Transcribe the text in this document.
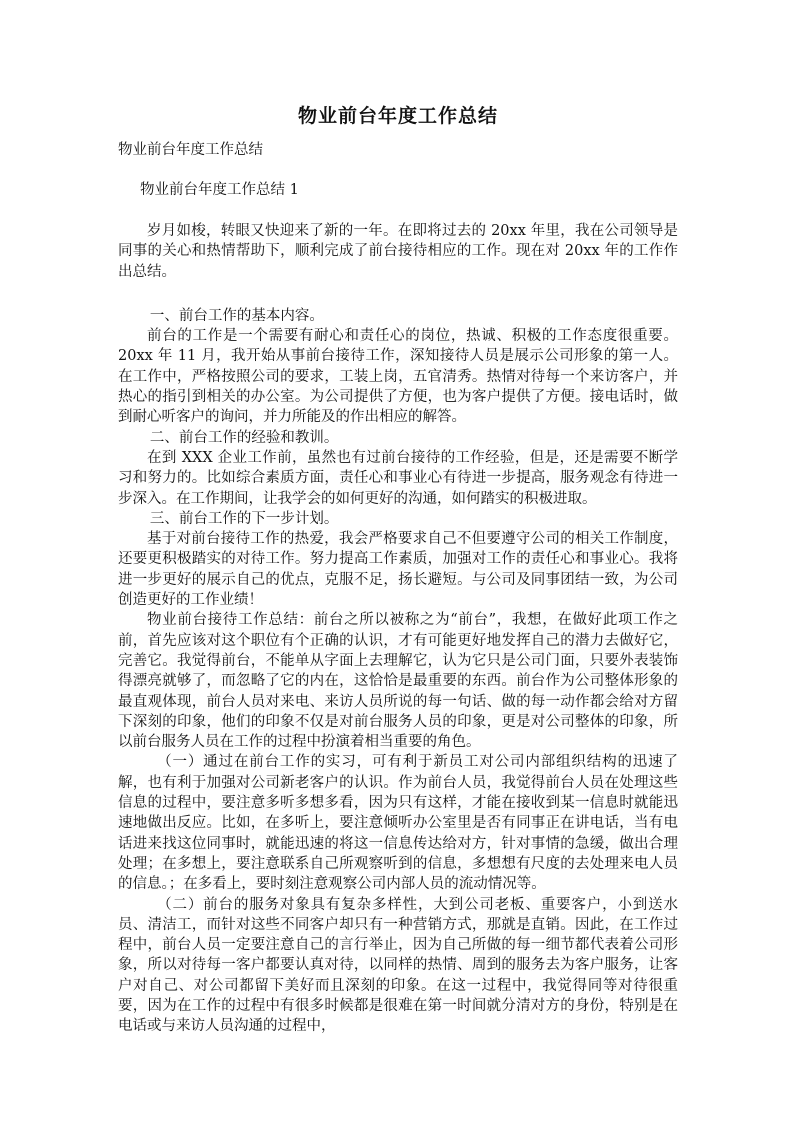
物业前台年度工作总结
物业前台年度工作总结
物业前台年度工作总结 1

岁月如梭，转眼又快迎来了新的一年。在即将过去的 20xx 年里，我在公司领导是同事的关心和热情帮助下，顺利完成了前台接待相应的工作。现在对 20xx 年的工作作出总结。

一、前台工作的基本内容。

前台的工作是一个需要有耐心和责任心的岗位，热诚、积极的工作态度很重要。20xx 年 11 月，我开始从事前台接待工作，深知接待人员是展示公司形象的第一人。在工作中，严格按照公司的要求，工装上岗，五官清秀。热情对待每一个来访客户，并热心的指引到相关的办公室。为公司提供了方便，也为客户提供了方便。接电话时，做到耐心听客户的询问，并力所能及的作出相应的解答。

二、前台工作的经验和教训。

在到 XXX 企业工作前，虽然也有过前台接待的工作经验，但是，还是需要不断学习和努力的。比如综合素质方面，责任心和事业心有待进一步提高，服务观念有待进一步深入。在工作期间，让我学会的如何更好的沟通，如何踏实的积极进取。

三、前台工作的下一步计划。

基于对前台接待工作的热爱，我会严格要求自己不但要遵守公司的相关工作制度，还要更积极踏实的对待工作。努力提高工作素质，加强对工作的责任心和事业心。我将进一步更好的展示自己的优点，克服不足，扬长避短。与公司及同事团结一致，为公司创造更好的工作业绩！

物业前台接待工作总结：前台之所以被称之为“前台”，我想，在做好此项工作之前，首先应该对这个职位有个正确的认识，才有可能更好地发挥自己的潜力去做好它，完善它。我觉得前台，不能单从字面上去理解它，认为它只是公司门面，只要外表装饰得漂亮就够了，而忽略了它的内在，这恰恰是最重要的东西。前台作为公司整体形象的最直观体现，前台人员对来电、来访人员所说的每一句话、做的每一动作都会给对方留下深刻的印象，他们的印象不仅是对前台服务人员的印象，更是对公司整体的印象，所以前台服务人员在工作的过程中扮演着相当重要的角色。

（一）通过在前台工作的实习，可有利于新员工对公司内部组织结构的迅速了解，也有利于加强对公司新老客户的认识。作为前台人员，我觉得前台人员在处理这些信息的过程中，要注意多听多想多看，因为只有这样，才能在接收到某一信息时就能迅速地做出反应。比如，在多听上，要注意倾听办公室里是否有同事正在讲电话，当有电话进来找这位同事时，就能迅速的将这一信息传达给对方，针对事情的急缓，做出合理处理；在多想上，要注意联系自己所观察听到的信息，多想想有尺度的去处理来电人员的信息。；在多看上，要时刻注意观察公司内部人员的流动情况等。

（二）前台的服务对象具有复杂多样性，大到公司老板、重要客户，小到送水员、清洁工，而针对这些不同客户却只有一种营销方式，那就是直销。因此，在工作过程中，前台人员一定要注意自己的言行举止，因为自己所做的每一细节都代表着公司形象，所以对待每一客户都要认真对待，以同样的热情、周到的服务去为客户服务，让客户对自己、对公司都留下美好而且深刻的印象。在这一过程中，我觉得同等对待很重要，因为在工作的过程中有很多时候都是很难在第一时间就分清对方的身份，特别是在电话或与来访人员沟通的过程中，
